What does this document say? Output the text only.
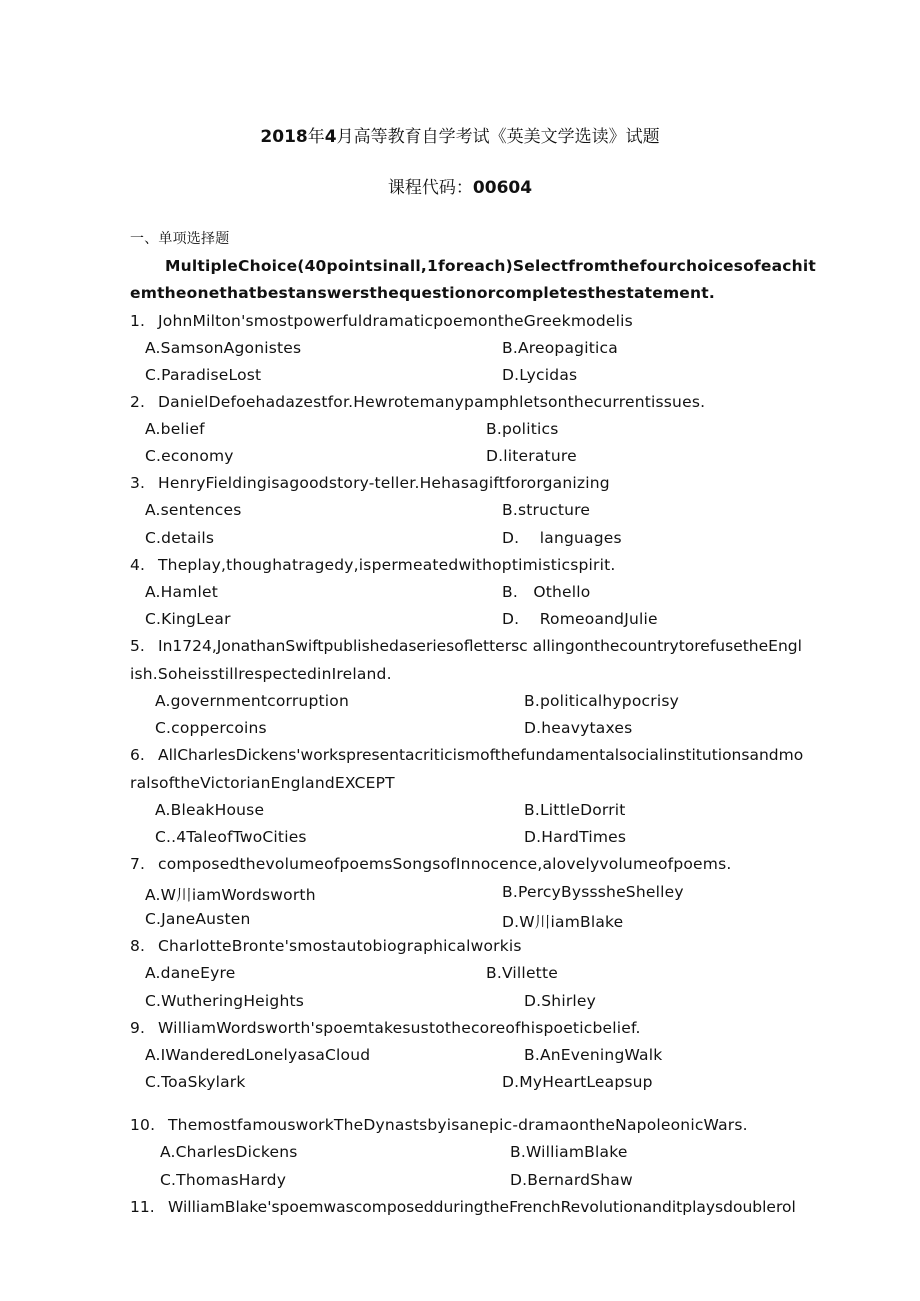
2018年4月高等教育自学考试《英美文学选读》试题
课程代码：00604
一、单项选择题
MultipleChoice(40pointsinall,1foreach)Selectfromthefourchoicesofeachit
emtheonethatbestanswersthequestionorcompletesthestatement.
1. JohnMilton'smostpowerfuldramaticpoemontheGreekmodelis
A.SamsonAgonistes	B.Areopagitica
C.ParadiseLost	D.Lycidas
2. DanielDefoehadazestfor.Hewrotemanypamphletsonthecurrentissues.
A.belief	B.politics
C.economy	D.literature
3. HenryFieldingisagoodstory-teller.Hehasagiftfororganizing
A.sentences	B.structure
C.details	D.    languages
4. Theplay,thoughatragedy,ispermeatedwithoptimisticspirit.
A.Hamlet	B.   Othello
C.KingLear	D.    RomeoandJulie
5. In1724,JonathanSwiftpublishedaseriesoflettersc allingonthecountrytorefusetheEngl
ish.SoheisstillrespectedinIreland.
A.governmentcorruption	B.politicalhypocrisy
C.coppercoins	D.heavytaxes
6. AllCharlesDickens'workspresentacriticismofthefundamentalsocialinstitutionsandmo
ralsoftheVictorianEnglandEXCEPT
A.BleakHouse	B.LittleDorrit
C..4TaleofTwoCities	D.HardTimes
7. composedthevolumeofpoemsSongsofInnocence,alovelyvolumeofpoems.
A.W川iamWordsworth	B.PercyBysssheShelley
C.JaneAusten	D.W川iamBlake
8. CharlotteBronte'smostautobiographicalworkis
A.daneEyre	B.Villette
C.WutheringHeights	D.Shirley
9. WilliamWordsworth'spoemtakesustothecoreofhispoeticbelief.
A.IWanderedLonelyasaCloud	B.AnEveningWalk
C.ToaSkylark	D.MyHeartLeapsup
10. ThemostfamousworkTheDynastsbyisanepic-dramaontheNapoleonicWars.
A.CharlesDickens	B.WilliamBlake
C.ThomasHardy	D.BernardShaw
11. WilliamBlake'spoemwascomposedduringtheFrenchRevolutionanditplaysdoublerol
